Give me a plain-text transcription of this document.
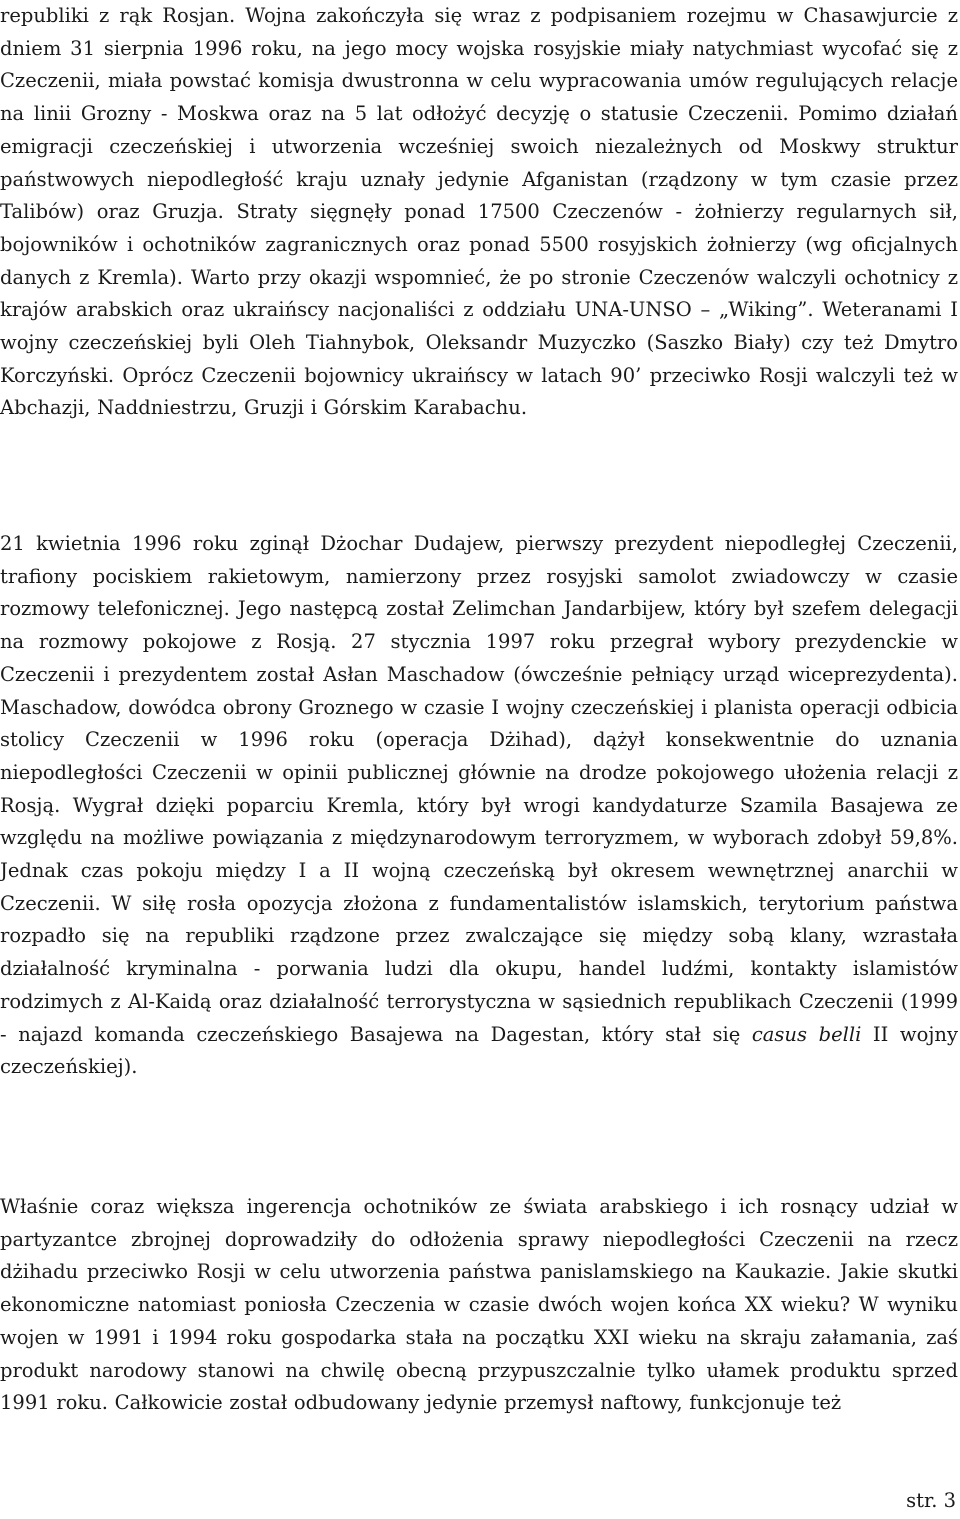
republiki z rąk Rosjan. Wojna zakończyła się wraz z podpisaniem rozejmu w Chasawjurcie z dniem 31 sierpnia 1996 roku, na jego mocy wojska rosyjskie miały natychmiast wycofać się z Czeczenii, miała powstać komisja dwustronna w celu wypracowania umów regulujących relacje na linii Grozny - Moskwa oraz na 5 lat odłożyć decyzję o statusie Czeczenii. Pomimo działań emigracji czeczeńskiej i utworzenia wcześniej swoich niezależnych od Moskwy struktur państwowych niepodległość kraju uznały jedynie Afganistan (rządzony w tym czasie przez Talibów) oraz Gruzja. Straty sięgnęły ponad 17500 Czeczenów - żołnierzy regularnych sił, bojowników i ochotników zagranicznych oraz ponad 5500 rosyjskich żołnierzy (wg oficjalnych danych z Kremla). Warto przy okazji wspomnieć, że po stronie Czeczenów walczyli ochotnicy z krajów arabskich oraz ukraińscy nacjonaliści z oddziału UNA-UNSO – „Wiking”. Weteranami I wojny czeczeńskiej byli Oleh Tiahnybok, Oleksandr Muzyczko (Saszko Biały) czy też Dmytro Korczyński. Oprócz Czeczenii bojownicy ukraińscy w latach 90’ przeciwko Rosji walczyli też w Abchazji, Naddniestrzu, Gruzji i Górskim Karabachu.

21 kwietnia 1996 roku zginął Dżochar Dudajew, pierwszy prezydent niepodległej Czeczenii, trafiony pociskiem rakietowym, namierzony przez rosyjski samolot zwiadowczy w czasie rozmowy telefonicznej. Jego następcą został Zelimchan Jandarbijew, który był szefem delegacji na rozmowy pokojowe z Rosją. 27 stycznia 1997 roku przegrał wybory prezydenckie w Czeczenii i prezydentem został Asłan Maschadow (ówcześnie pełniący urząd wiceprezydenta). Maschadow, dowódca obrony Groznego w czasie I wojny czeczeńskiej i planista operacji odbicia stolicy Czeczenii w 1996 roku (operacja Dżihad), dążył konsekwentnie do uznania niepodległości Czeczenii w opinii publicznej głównie na drodze pokojowego ułożenia relacji z Rosją. Wygrał dzięki poparciu Kremla, który był wrogi kandydaturze Szamila Basajewa ze względu na możliwe powiązania z międzynarodowym terroryzmem, w wyborach zdobył 59,8%. Jednak czas pokoju między I a II wojną czeczeńską był okresem wewnętrznej anarchii w Czeczenii. W siłę rosła opozycja złożona z fundamentalistów islamskich, terytorium państwa rozpadło się na republiki rządzone przez zwalczające się między sobą klany, wzrastała działalność kryminalna - porwania ludzi dla okupu, handel ludźmi, kontakty islamistów rodzimych z Al-Kaidą oraz działalność terrorystyczna w sąsiednich republikach Czeczenii (1999 - najazd komanda czeczeńskiego Basajewa na Dagestan, który stał się casus belli II wojny czeczeńskiej).

Właśnie coraz większa ingerencja ochotników ze świata arabskiego i ich rosnący udział w partyzantce zbrojnej doprowadziły do odłożenia sprawy niepodległości Czeczenii na rzecz dżihadu przeciwko Rosji w celu utworzenia państwa panislamskiego na Kaukazie. Jakie skutki ekonomiczne natomiast poniosła Czeczenia w czasie dwóch wojen końca XX wieku? W wyniku wojen w 1991 i 1994 roku gospodarka stała na początku XXI wieku na skraju załamania, zaś produkt narodowy stanowi na chwilę obecną przypuszczalnie tylko ułamek produktu sprzed 1991 roku. Całkowicie został odbudowany jedynie przemysł naftowy, funkcjonuje też

str. 3
